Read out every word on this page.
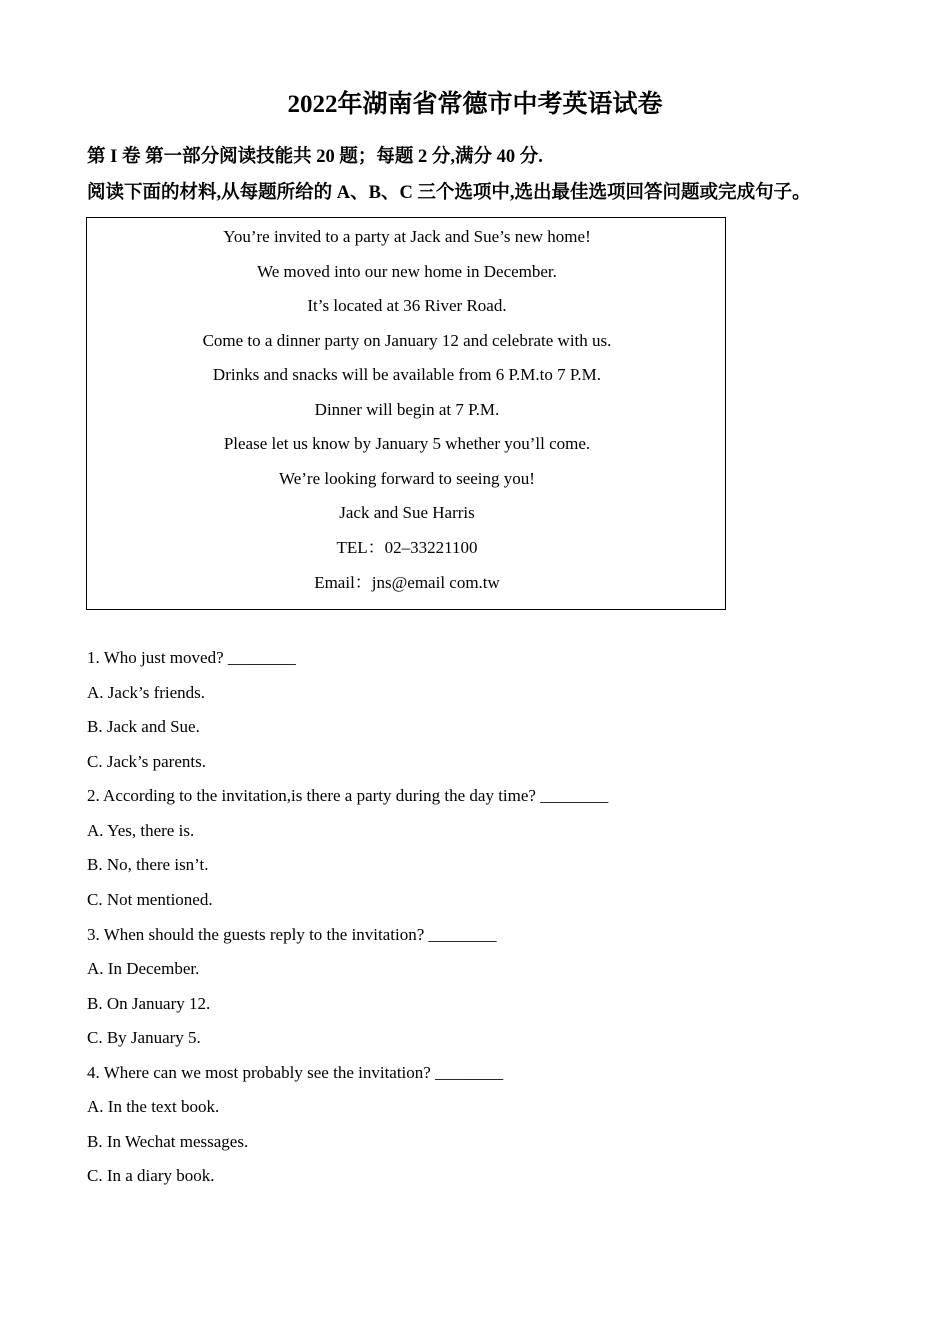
2022年湖南省常德市中考英语试卷
第 I 卷 第一部分阅读技能共 20 题；每题 2 分,满分 40 分.
阅读下面的材料,从每题所给的 A、B、C 三个选项中,选出最佳选项回答问题或完成句子。
You’re invited to a party at Jack and Sue’s new home!
We moved into our new home in December.
It’s located at 36 River Road.
Come to a dinner party on January 12 and celebrate with us.
Drinks and snacks will be available from 6 P.M.to 7 P.M.
Dinner will begin at 7 P.M.
Please let us know by January 5 whether you’ll come.
We’re looking forward to seeing you!
Jack and Sue Harris
TEL：02–33221100
Email：jns@email com.tw
1. Who just moved? ________
A. Jack’s friends.
B. Jack and Sue.
C. Jack’s parents.
2. According to the invitation,is there a party during the day time? ________
A. Yes, there is.
B. No, there isn’t.
C. Not mentioned.
3. When should the guests reply to the invitation? ________
A. In December.
B. On January 12.
C. By January 5.
4. Where can we most probably see the invitation? ________
A. In the text book.
B. In Wechat messages.
C. In a diary book.
